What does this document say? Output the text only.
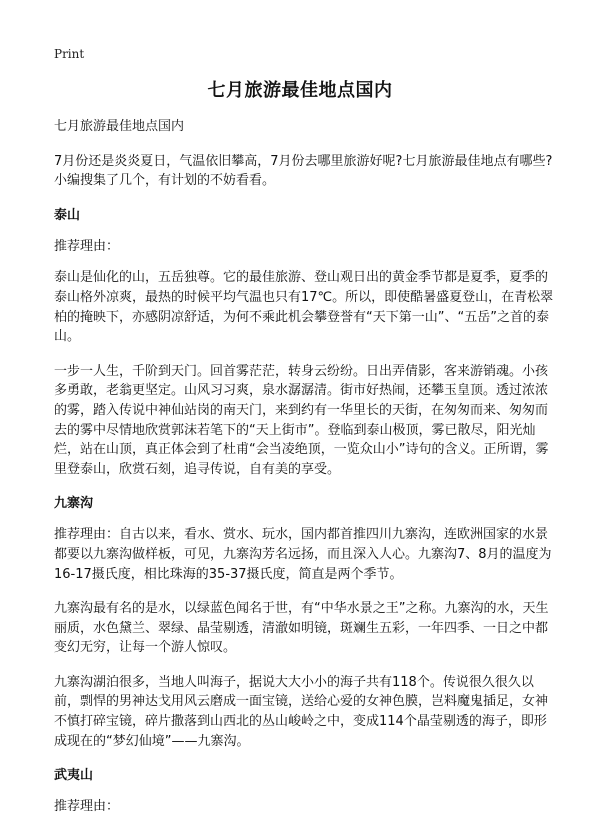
Print
七月旅游最佳地点国内

七月旅游最佳地点国内

7月份还是炎炎夏日，气温依旧攀高，7月份去哪里旅游好呢?七月旅游最佳地点有哪些?小编搜集了几个，有计划的不妨看看。

泰山

推荐理由：

泰山是仙化的山，五岳独尊。它的最佳旅游、登山观日出的黄金季节都是夏季，夏季的泰山格外凉爽，最热的时候平均气温也只有17℃。所以，即使酷暑盛夏登山，在青松翠柏的掩映下，亦感阴凉舒适，为何不乘此机会攀登誉有“天下第一山”、“五岳”之首的泰山。

一步一人生，千阶到天门。回首雾茫茫，转身云纷纷。日出弄倩影，客来游销魂。小孩多勇敢，老翁更坚定。山风习习爽，泉水潺潺清。街市好热闹，还攀玉皇顶。透过浓浓的雾，踏入传说中神仙站岗的南天门，来到约有一华里长的天街，在匆匆而来、匆匆而去的雾中尽情地欣赏郭沫若笔下的“天上街市”。登临到泰山极顶，雾已散尽，阳光灿烂，站在山顶，真正体会到了杜甫“会当凌绝顶，一览众山小”诗句的含义。正所谓，雾里登泰山，欣赏石刻，追寻传说，自有美的享受。

九寨沟

推荐理由：自古以来，看水、赏水、玩水，国内都首推四川九寨沟，连欧洲国家的水景都要以九寨沟做样板，可见，九寨沟芳名远扬，而且深入人心。九寨沟7、8月的温度为16-17摄氏度，相比珠海的35-37摄氏度，简直是两个季节。

九寨沟最有名的是水，以绿蓝色闻名于世，有“中华水景之王”之称。九寨沟的水，天生丽质，水色黛兰、翠绿、晶莹剔透，清澈如明镜，斑斓生五彩，一年四季、一日之中都变幻无穷，让每一个游人惊叹。

九寨沟湖泊很多，当地人叫海子，据说大大小小的海子共有118个。传说很久很久以前，剽悍的男神达戈用风云磨成一面宝镜，送给心爱的女神色膜，岂料魔鬼插足，女神不慎打碎宝镜，碎片撒落到山西北的丛山峻岭之中，变成114个晶莹剔透的海子，即形成现在的“梦幻仙境”——九寨沟。

武夷山

推荐理由：
